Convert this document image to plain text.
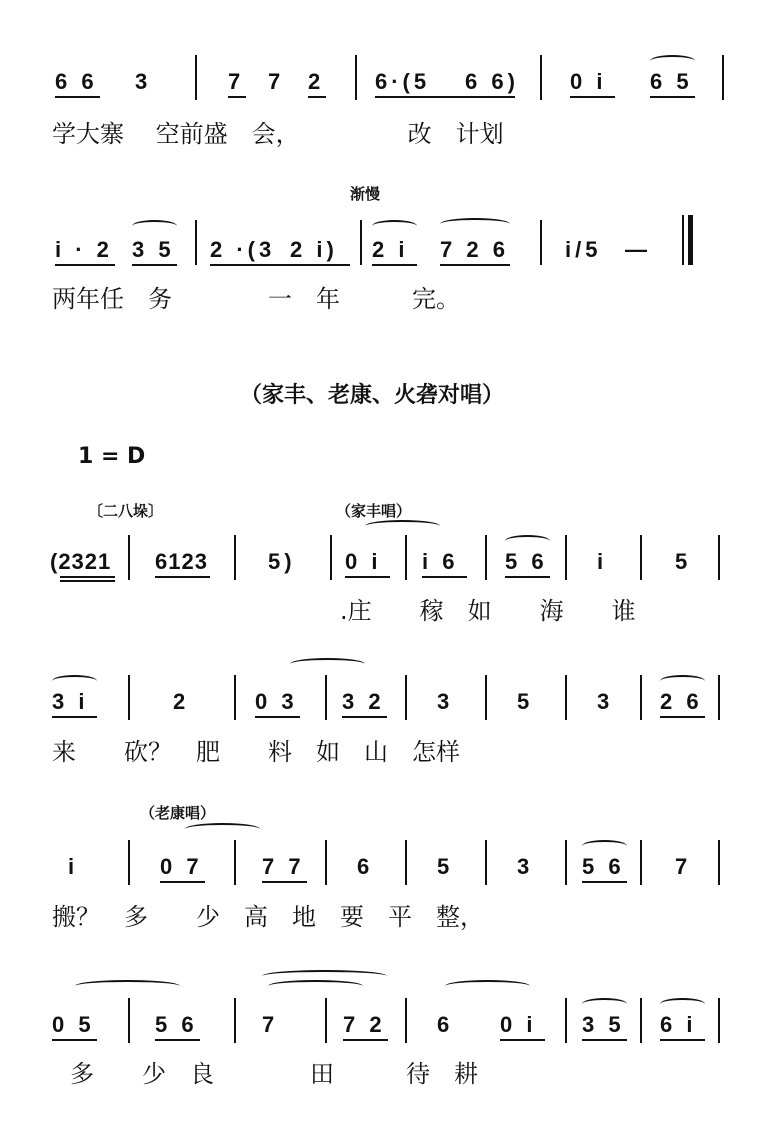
6 6 3	7 7 2 6·(5 6 6) 0 i 6 5
学大寨　 空前盛　会，　　　　　改　计划
渐慢
i · 2 3 5 2 ·(3 2 i) 2 i 7 2 6	i/5 —
两年任　务　　　　一　年　　　完。
（家丰、老康、火砻对唱）
1 = D
〔二八垛〕	（家丰唱）
(2321 6123	5) 0 i i 6 5 6 i	5
.庄　　稼　如　　海　　谁
3 i	2	0 3 3 2 3	5	3 2 6
来　　砍？　肥　　料　如　山　怎样
（老康唱）
i	0 7	7 7 6	5	3 5 6 7
搬？　多　　少　高　地　要　平　整，
0 5	5 6	7	7 2 6 0 i 3 5 6 i
多　　少　良　　　　田　　　待　耕
